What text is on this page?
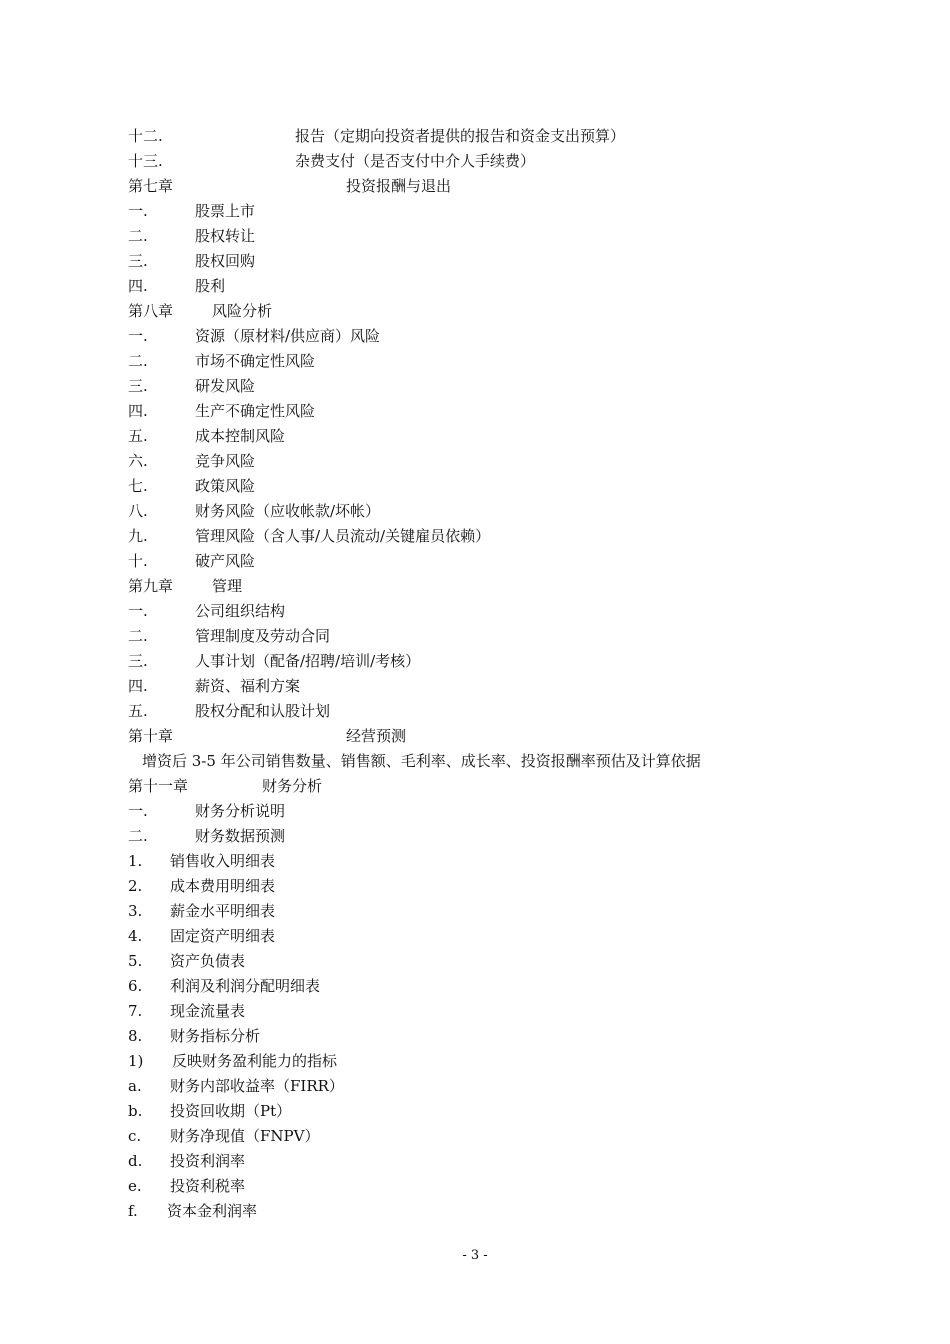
十二.	报告（定期向投资者提供的报告和资金支出预算）
十三.	杂费支付（是否支付中介人手续费）
第七章	投资报酬与退出
一.	股票上市
二.	股权转让
三.	股权回购
四.	股利
第八章	风险分析
一.	资源（原材料/供应商）风险
二.	市场不确定性风险
三.	研发风险
四.	生产不确定性风险
五.	成本控制风险
六.	竞争风险
七.	政策风险
八.	财务风险（应收帐款/坏帐）
九.	管理风险（含人事/人员流动/关键雇员依赖）
十.	破产风险
第九章	管理
一.	公司组织结构
二.	管理制度及劳动合同
三.	人事计划（配备/招聘/培训/考核）
四.	薪资、福利方案
五.	股权分配和认股计划
第十章	经营预测
增资后 3-5 年公司销售数量、销售额、毛利率、成长率、投资报酬率预估及计算依据
第十一章	财务分析
一.	财务分析说明
二.	财务数据预测
1. 销售收入明细表
2. 成本费用明细表
3. 薪金水平明细表
4. 固定资产明细表
5. 资产负债表
6. 利润及利润分配明细表
7. 现金流量表
8. 财务指标分析
1) 反映财务盈利能力的指标
a. 财务内部收益率（FIRR）
b. 投资回收期（Pt）
c. 财务净现值（FNPV）
d. 投资利润率
e. 投资利税率
f. 资本金利润率
- 3 -
